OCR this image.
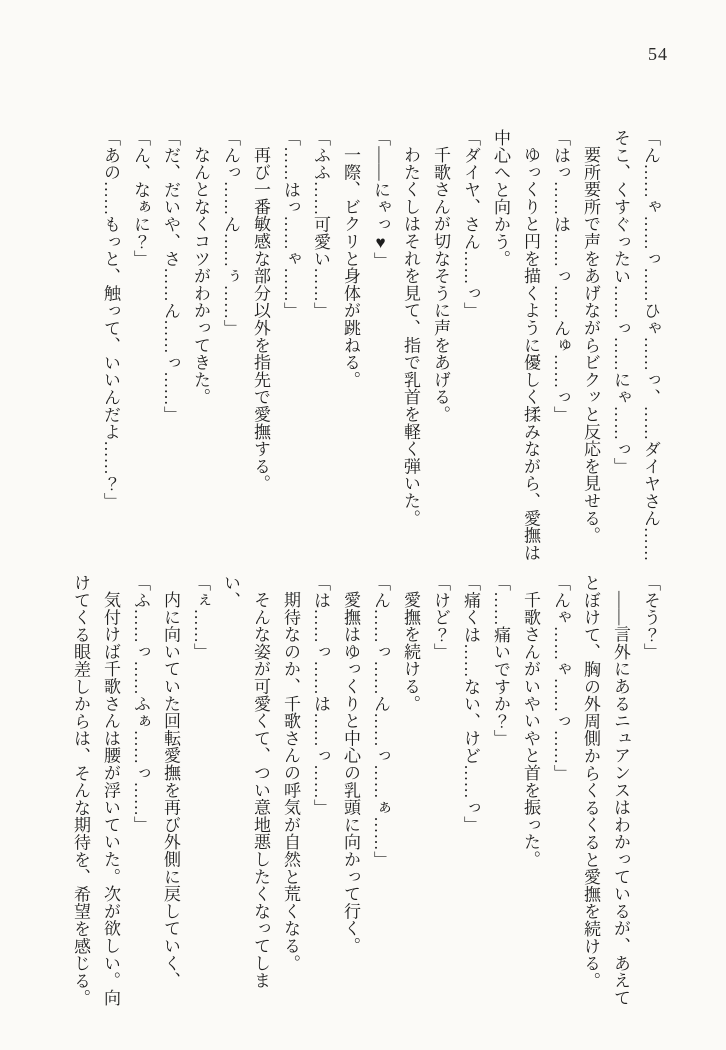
54

「ん……ゃ……っ……ひゃ……っ、……ダイヤさん……

そこ、くすぐったい……っ……にゃ……っ」

要所要所で声をあげながらビクッと反応を見せる。

「はっ……は……っ……んゅ……っ」

ゆっくりと円を描くように優しく揉みながら、愛撫は

中心へと向かう。

「ダイヤ、さん……っ」

千歌さんが切なそうに声をあげる。

わたくしはそれを見て、指で乳首を軽く弾いた。

「――にゃっ♥」

一際、ビクリと身体が跳ねる。

「ふふ……可愛い……」

「……はっ……ゃ……」

再び一番敏感な部分以外を指先で愛撫する。

「んっ……ん……ぅ……」

なんとなくコツがわかってきた。

「だ、だいや、さ……ん……っ……」

「ん、なぁに？」

「あの……もっと、触って、いいんだよ……？」

「そう？」

――言外にあるニュアンスはわかっているが、あえて

とぼけて、胸の外周側からくるくると愛撫を続ける。

「んゃ……ゃ……っ……」

千歌さんがいやいやと首を振った。

「……痛いですか？」

「痛くは……ない、けど……っ」

「けど？」

愛撫を続ける。

「ん……っ……ん……っ……ぁ……」

愛撫はゆっくりと中心の乳頭に向かって行く。

「は……っ……は……っ……」

期待なのか、千歌さんの呼気が自然と荒くなる。

そんな姿が可愛くて、つい意地悪したくなってしまい、

「ぇ……」

内に向いていた回転愛撫を再び外側に戻していく、

「ふ……っ……ふぁ……っ……」

気付けば千歌さんは腰が浮いていた。次が欲しい。向

けてくる眼差しからは、そんな期待を、希望を感じる。
